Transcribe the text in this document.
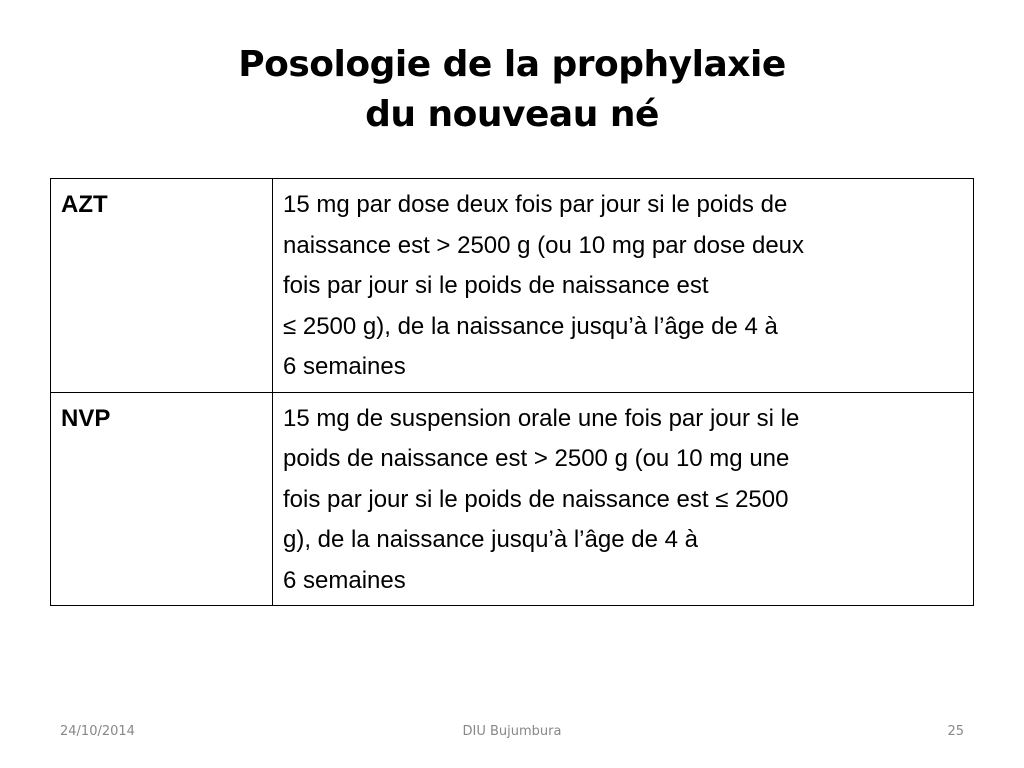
Posologie de la prophylaxie
du nouveau né
AZT	15 mg par dose deux fois par jour si le poids de
naissance est > 2500 g (ou 10 mg par dose deux
fois par jour si le poids de naissance est
≤ 2500 g), de la naissance jusqu’à l’âge de 4 à
6 semaines
NVP	15 mg de suspension orale une fois par jour si le
poids de naissance est > 2500 g (ou 10 mg une
fois par jour si le poids de naissance est ≤ 2500
g), de la naissance jusqu’à l’âge de 4 à
6 semaines
24/10/2014	DIU Bujumbura	25
